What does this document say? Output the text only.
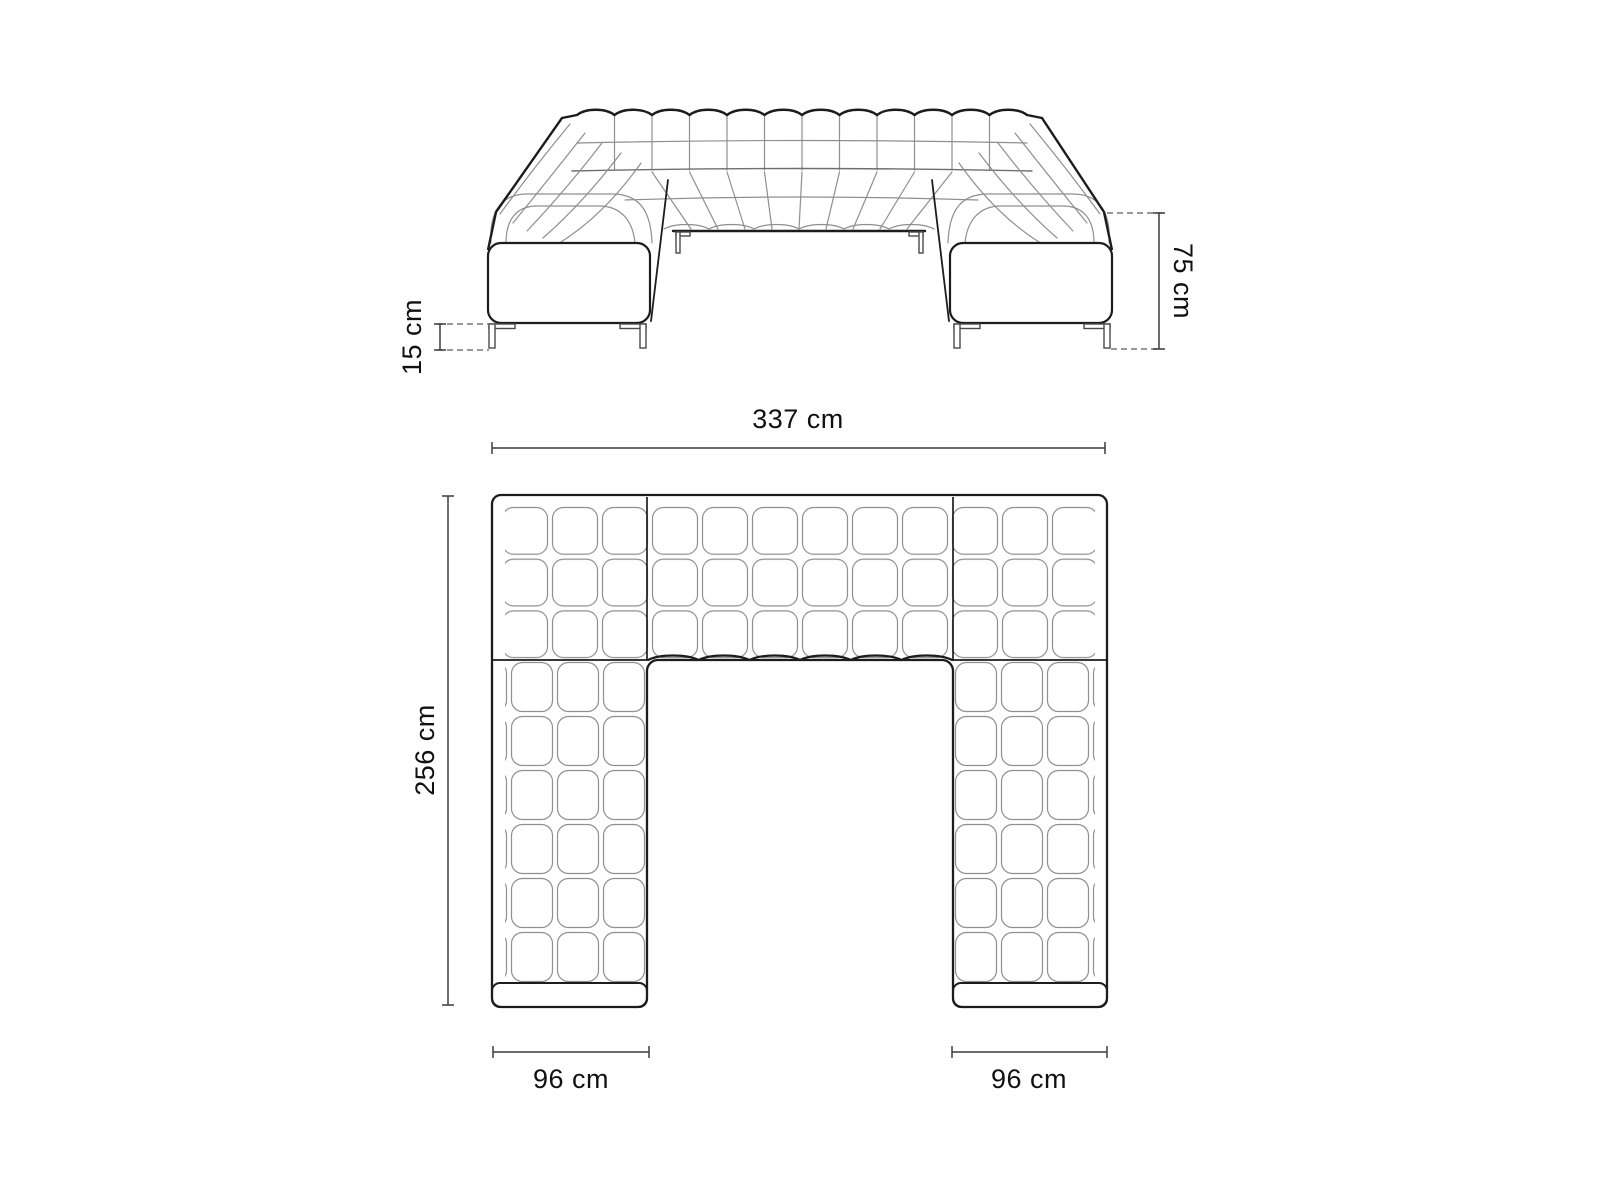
15 cm
75 cm
337 cm
256 cm
96 cm	96 cm
